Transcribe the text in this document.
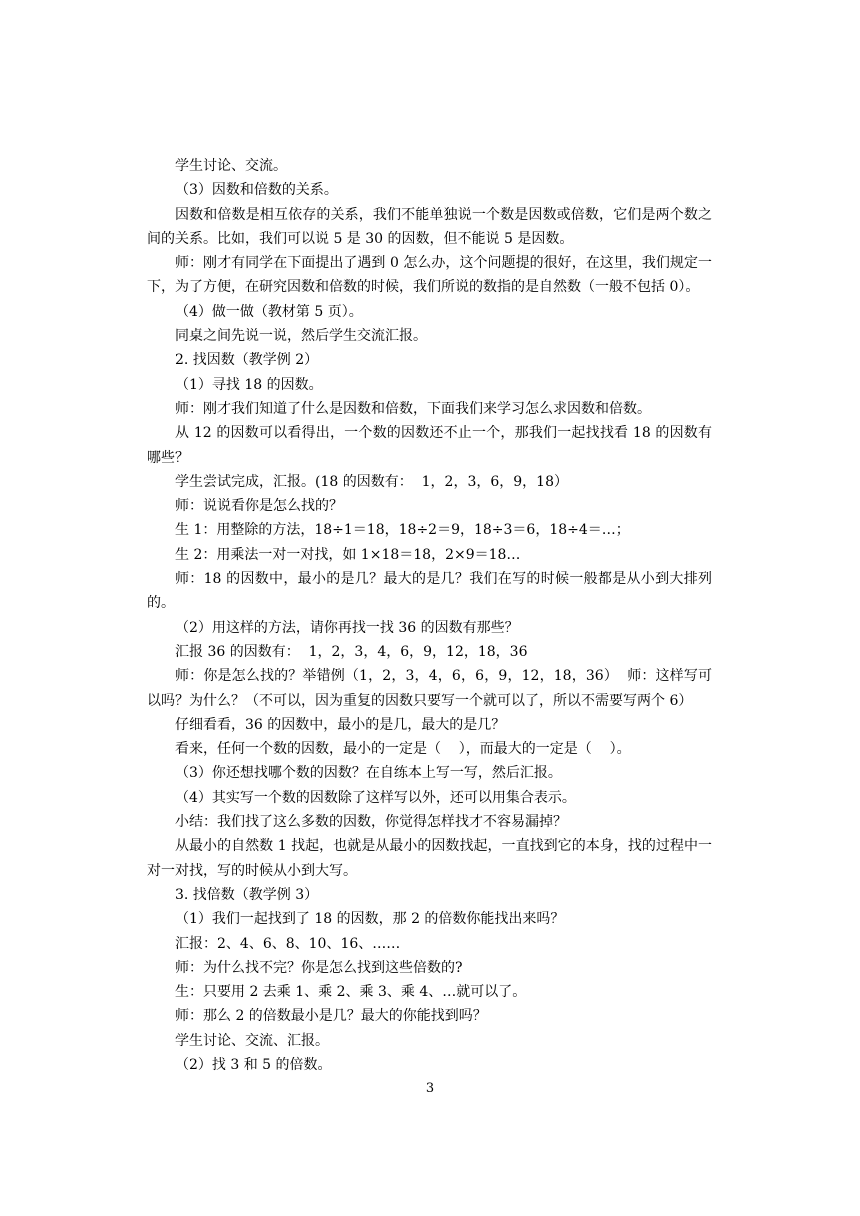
学生讨论、交流。

（3）因数和倍数的关系。

因数和倍数是相互依存的关系，我们不能单独说一个数是因数或倍数，它们是两个数之间的关系。比如，我们可以说 5 是 30 的因数，但不能说 5 是因数。

师：刚才有同学在下面提出了遇到 0 怎么办，这个问题提的很好，在这里，我们规定一下，为了方便，在研究因数和倍数的时候，我们所说的数指的是自然数（一般不包括 0）。

（4）做一做（教材第 5 页）。

同桌之间先说一说，然后学生交流汇报。

2. 找因数（教学例 2）

（1）寻找 18 的因数。

师：刚才我们知道了什么是因数和倍数，下面我们来学习怎么求因数和倍数。

从 12 的因数可以看得出，一个数的因数还不止一个，那我们一起找找看 18 的因数有哪些？

学生尝试完成，汇报。(18 的因数有：  1，2，3，6，9，18）

师：说说看你是怎么找的？

生 1：用整除的方法，18÷1＝18，18÷2＝9，18÷3＝6，18÷4＝…；

生 2：用乘法一对一对找，如 1×18＝18，2×9＝18…

师：18 的因数中，最小的是几？最大的是几？我们在写的时候一般都是从小到大排列的。

（2）用这样的方法，请你再找一找 36 的因数有那些？

汇报 36 的因数有：  1，2，3，4，6，9，12，18，36

师：你是怎么找的？举错例（1，2，3，4，6，6，9，12，18，36）  师：这样写可以吗？为什么？（不可以，因为重复的因数只要写一个就可以了，所以不需要写两个 6）

仔细看看，36 的因数中，最小的是几，最大的是几？

看来，任何一个数的因数，最小的一定是（    ），而最大的一定是（    ）。

（3）你还想找哪个数的因数？在自练本上写一写，然后汇报。

（4）其实写一个数的因数除了这样写以外，还可以用集合表示。

小结：我们找了这么多数的因数，你觉得怎样找才不容易漏掉？

从最小的自然数 1 找起，也就是从最小的因数找起，一直找到它的本身，找的过程中一对一对找，写的时候从小到大写。

3. 找倍数（教学例 3）

（1）我们一起找到了 18 的因数，那 2 的倍数你能找出来吗？

汇报：2、4、6、8、10、16、……

师：为什么找不完？你是怎么找到这些倍数的?

生：只要用 2 去乘 1、乘 2、乘 3、乘 4、…就可以了。

师：那么 2 的倍数最小是几？最大的你能找到吗？

学生讨论、交流、汇报。

（2）找 3 和 5 的倍数。

3
